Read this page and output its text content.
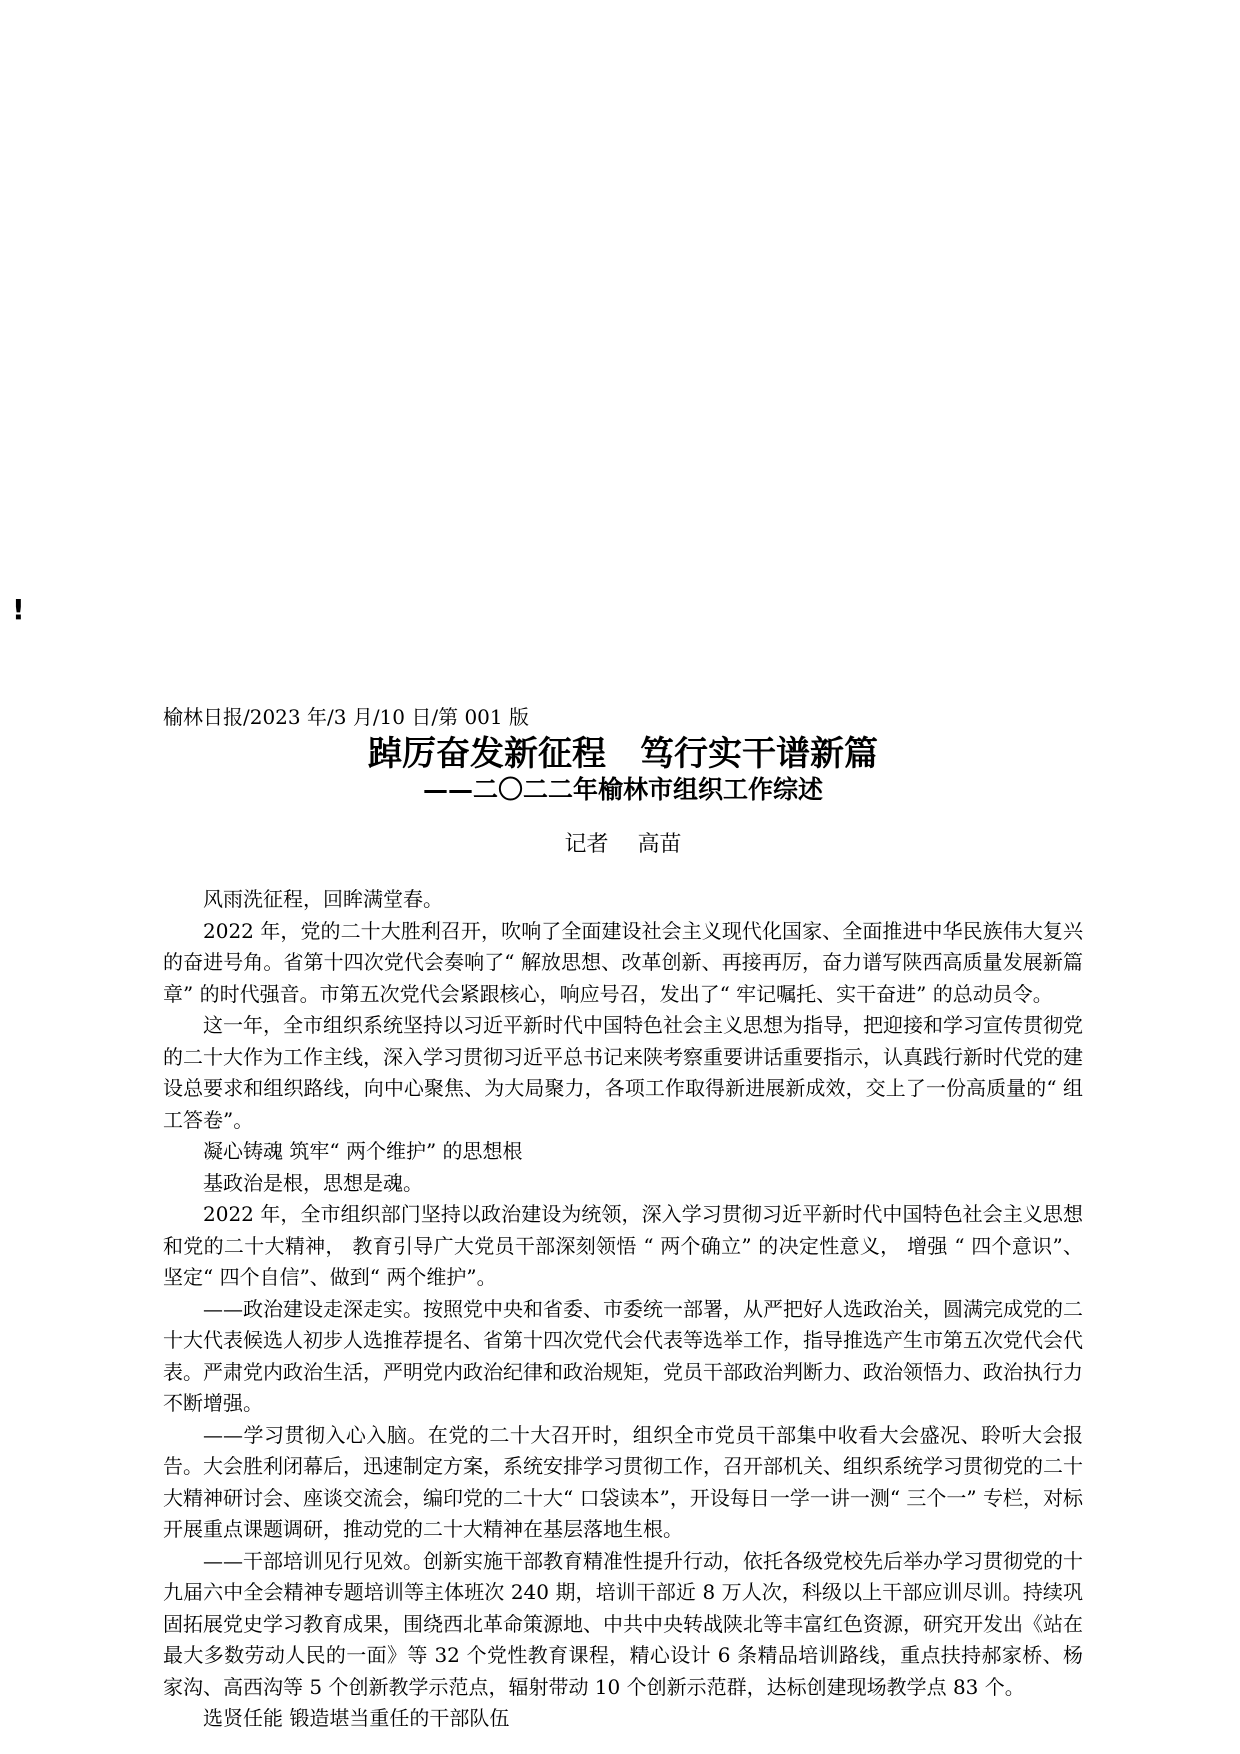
!
榆林日报/2023 年/3 月/10 日/第 001 版
踔厉奋发新征程　笃行实干谱新篇
——二〇二二年榆林市组织工作综述
记者　 高苗

风雨洗征程，回眸满堂春。

2022 年，党的二十大胜利召开，吹响了全面建设社会主义现代化国家、全面推进中华民族伟大复兴的奋进号角。省第十四次党代会奏响了“ 解放思想、改革创新、再接再厉，奋力谱写陕西高质量发展新篇章” 的时代强音。市第五次党代会紧跟核心，响应号召，发出了“ 牢记嘱托、实干奋进” 的总动员令。

这一年，全市组织系统坚持以习近平新时代中国特色社会主义思想为指导，把迎接和学习宣传贯彻党的二十大作为工作主线，深入学习贯彻习近平总书记来陕考察重要讲话重要指示，认真践行新时代党的建设总要求和组织路线，向中心聚焦、为大局聚力，各项工作取得新进展新成效，交上了一份高质量的“ 组工答卷”。

凝心铸魂 筑牢“ 两个维护” 的思想根

基政治是根，思想是魂。

2022 年，全市组织部门坚持以政治建设为统领，深入学习贯彻习近平新时代中国特色社会主义思想和党的二十大精神， 教育引导广大党员干部深刻领悟 “ 两个确立” 的决定性意义， 增强 “ 四个意识”、坚定“ 四个自信”、做到“ 两个维护”。

——政治建设走深走实。按照党中央和省委、市委统一部署，从严把好人选政治关，圆满完成党的二十大代表候选人初步人选推荐提名、省第十四次党代会代表等选举工作，指导推选产生市第五次党代会代表。严肃党内政治生活，严明党内政治纪律和政治规矩，党员干部政治判断力、政治领悟力、政治执行力不断增强。

——学习贯彻入心入脑。在党的二十大召开时，组织全市党员干部集中收看大会盛况、聆听大会报告。大会胜利闭幕后，迅速制定方案，系统安排学习贯彻工作，召开部机关、组织系统学习贯彻党的二十大精神研讨会、座谈交流会，编印党的二十大“ 口袋读本”，开设每日一学一讲一测“ 三个一” 专栏，对标开展重点课题调研，推动党的二十大精神在基层落地生根。

——干部培训见行见效。创新实施干部教育精准性提升行动，依托各级党校先后举办学习贯彻党的十九届六中全会精神专题培训等主体班次 240 期，培训干部近 8 万人次，科级以上干部应训尽训。持续巩固拓展党史学习教育成果，围绕西北革命策源地、中共中央转战陕北等丰富红色资源，研究开发出《站在最大多数劳动人民的一面》等 32 个党性教育课程，精心设计 6 条精品培训路线，重点扶持郝家桥、杨家沟、高西沟等 5 个创新教学示范点，辐射带动 10 个创新示范群，达标创建现场教学点 83 个。

选贤任能 锻造堪当重任的干部队伍
